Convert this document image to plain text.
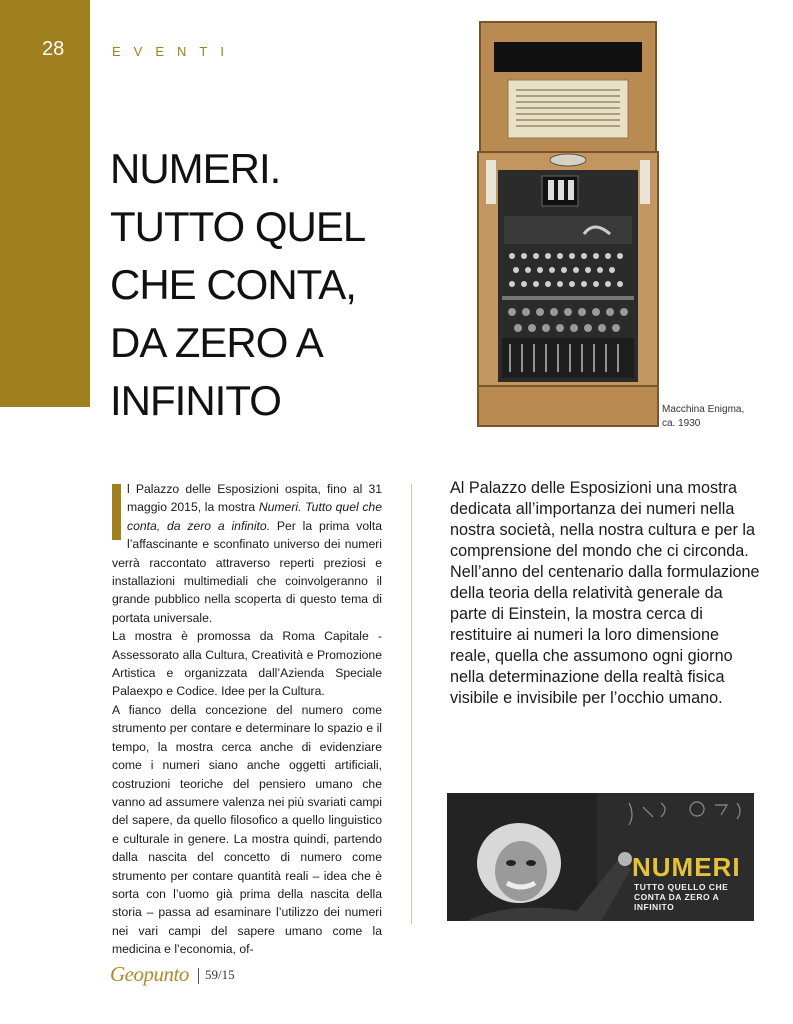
28	EVENTI
NUMERI.
TUTTO QUEL
CHE CONTA,
DA ZERO A
INFINITO	Macchina Enigma,
ca. 1930

l Palazzo delle Esposizioni ospita, fino al 31 maggio 2015, la mostra Numeri. Tutto quel che conta, da zero a infinito. Per la prima volta l’affascinante e sconfinato universo dei numeri verrà raccontato attraverso reperti preziosi e installazioni multimediali che coinvolgeranno il grande pubblico nella scoperta di questo tema di portata universale.

La mostra è promossa da Roma Capitale - Assessorato alla Cultura, Creatività e Promozione Artistica e organizzata dall’Azienda Speciale Palaexpo e Codice. Idee per la Cultura.

A fianco della concezione del numero come strumento per contare e determinare lo spazio e il tempo, la mostra cerca anche di evidenziare come i numeri siano anche oggetti artificiali, costruzioni teoriche del pensiero umano che vanno ad assumere valenza nei più svariati campi del sapere, da quello filosofico a quello linguistico e culturale in genere. La mostra quindi, partendo dalla nascita del concetto di numero come strumento per contare quantità reali – idea che è sorta con l’uomo già prima della nascita della storia – passa ad esaminare l’utilizzo dei numeri nei vari campi del sapere umano come la medicina e l’economia, of-

Al Palazzo delle Esposizioni una mostra dedicata all’importanza dei numeri nella nostra società, nella nostra cultura e per la comprensione del mondo che ci circonda. Nell’anno del centenario dalla formulazione della teoria della relatività generale da parte di Einstein, la mostra cerca di restituire ai numeri la loro dimensione reale, quella che assumono ogni giorno nella determinazione della realtà fisica visibile e invisibile per l’occhio umano.
NUMERI
TUTTO QUELLO CHE CONTA DA ZERO A INFINITO
Geopunto 59/15
